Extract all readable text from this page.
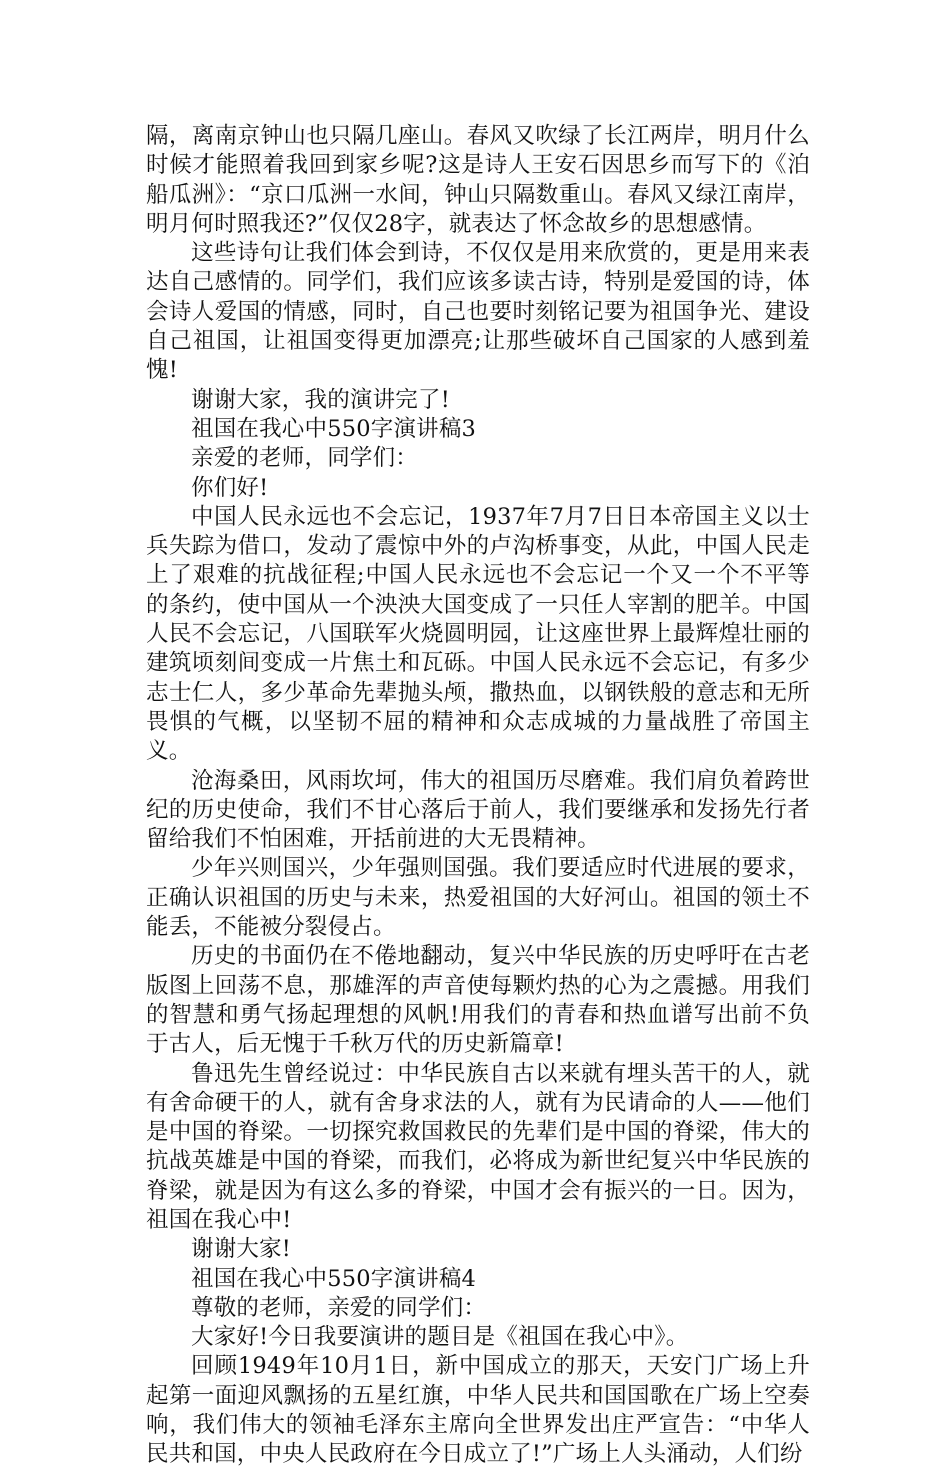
隔，离南京钟山也只隔几座山。春风又吹绿了长江两岸，明月什么时候才能照着我回到家乡呢?这是诗人王安石因思乡而写下的《泊船瓜洲》：“京口瓜洲一水间，钟山只隔数重山。春风又绿江南岸，明月何时照我还?”仅仅28字，就表达了怀念故乡的思想感情。

这些诗句让我们体会到诗，不仅仅是用来欣赏的，更是用来表达自己感情的。同学们，我们应该多读古诗，特别是爱国的诗，体会诗人爱国的情感，同时，自己也要时刻铭记要为祖国争光、建设自己祖国，让祖国变得更加漂亮;让那些破坏自己国家的人感到羞愧!

谢谢大家，我的演讲完了!

祖国在我心中550字演讲稿3

亲爱的老师，同学们：

你们好!

中国人民永远也不会忘记，1937年7月7日日本帝国主义以士兵失踪为借口，发动了震惊中外的卢沟桥事变，从此，中国人民走上了艰难的抗战征程;中国人民永远也不会忘记一个又一个不平等的条约，使中国从一个泱泱大国变成了一只任人宰割的肥羊。中国人民不会忘记，八国联军火烧圆明园，让这座世界上最辉煌壮丽的建筑顷刻间变成一片焦土和瓦砾。中国人民永远不会忘记，有多少志士仁人，多少革命先辈抛头颅，撒热血，以钢铁般的意志和无所畏惧的气概，以坚韧不屈的精神和众志成城的力量战胜了帝国主义。

沧海桑田，风雨坎坷，伟大的祖国历尽磨难。我们肩负着跨世纪的历史使命，我们不甘心落后于前人，我们要继承和发扬先行者留给我们不怕困难，开括前进的大无畏精神。

少年兴则国兴，少年强则国强。我们要适应时代进展的要求，正确认识祖国的历史与未来，热爱祖国的大好河山。祖国的领土不能丢，不能被分裂侵占。

历史的书面仍在不倦地翻动，复兴中华民族的历史呼吁在古老版图上回荡不息，那雄浑的声音使每颗灼热的心为之震撼。用我们的智慧和勇气扬起理想的风帆!用我们的青春和热血谱写出前不负于古人，后无愧于千秋万代的历史新篇章!

鲁迅先生曾经说过：中华民族自古以来就有埋头苦干的人，就有舍命硬干的人，就有舍身求法的人，就有为民请命的人——他们是中国的脊梁。一切探究救国救民的先辈们是中国的脊梁，伟大的抗战英雄是中国的脊梁，而我们，必将成为新世纪复兴中华民族的脊梁，就是因为有这么多的脊梁，中国才会有振兴的一日。因为，祖国在我心中!

谢谢大家!

祖国在我心中550字演讲稿4

尊敬的老师，亲爱的同学们：

大家好!今日我要演讲的题目是《祖国在我心中》。

回顾1949年10月1日，新中国成立的那天，天安门广场上升起第一面迎风飘扬的五星红旗，中华人民共和国国歌在广场上空奏响，我们伟大的领袖毛泽东主席向全世界发出庄严宣告：“中华人民共和国，中央人民政府在今日成立了!”广场上人头涌动，人们纷
